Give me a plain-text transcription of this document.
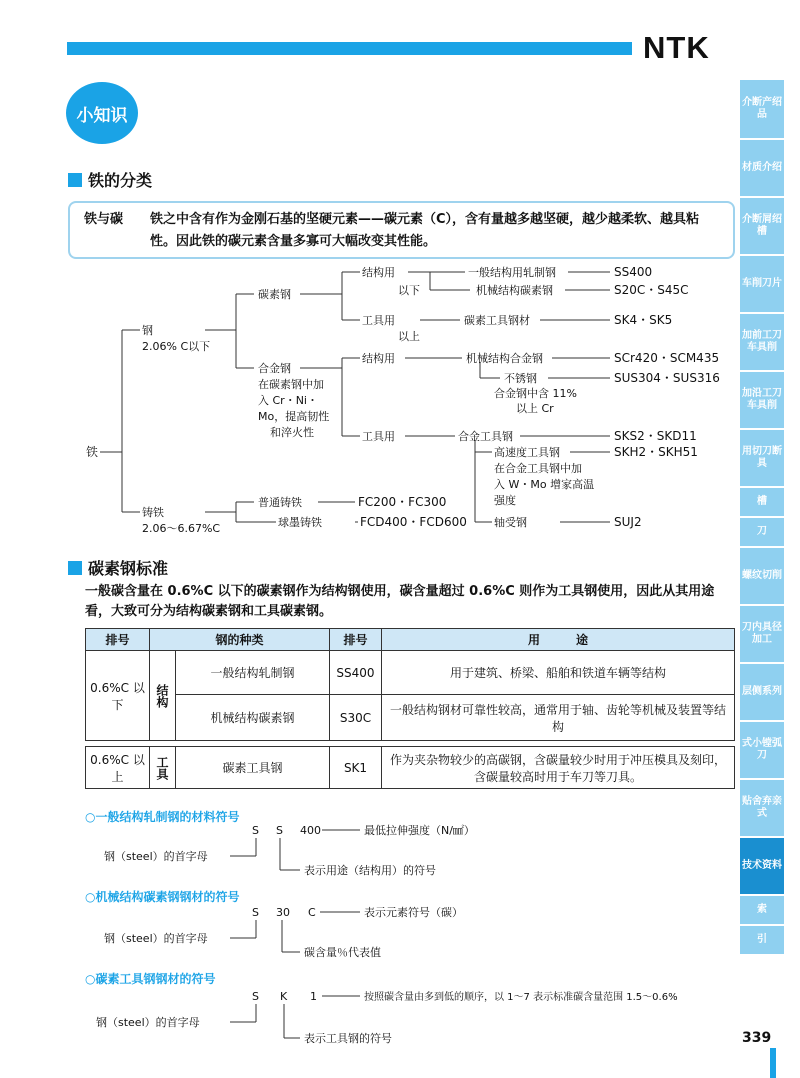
NTK
小知识
铁的分类
铁与碳 铁之中含有作为金刚石基的坚硬元素——碳元素（C），含有量越多越坚硬，越少越柔软、越具粘性。因此铁的碳元素含量多寡可大幅改变其性能。
铁
钢
2.06% C以下
碳素钢
结构用
以下
一般结构用轧制钢	SS400
机械结构碳素钢	S20C・S45C
工具用
以上
碳素工具钢材	SK4・SK5
合金钢
在碳素钢中加
入 Cr・Ni・
Mo，提高韧性
和淬火性
结构用	机械结构合金钢	SCr420・SCM435
不锈钢	SUS304・SUS316
合金钢中含 11%
以上 Cr
工具用	合金工具钢	SKS2・SKD11
高速度工具钢	SKH2・SKH51
在合金工具钢中加
入 W・Mo 增家高温
强度
轴受钢	SUJ2
铸铁
2.06～6.67%C
普通铸铁	FC200・FC300
球墨铸铁	FCD400・FCD600
碳素钢标准
一般碳含量在 0.6%C 以下的碳素钢作为结构钢使用，碳含量超过 0.6%C 则作为工具钢使用，因此从其用途看，大致可分为结构碳素钢和工具碳素钢。
排号	钢的种类		排号	用　　　途
0.6%C 以下	结构	一般结构轧制钢	SS400	用于建筑、桥梁、船舶和铁道车辆等结构
		机械结构碳素钢	S30C	一般结构钢材可靠性较高，通常用于轴、齿轮等机械及装置等结构
0.6%C 以上	工具	碳素工具钢	SK1	作为夹杂物较少的高碳钢，含碳量较少时用于冲压模具及刻印，含碳量较高时用于车刀等刀具。
○一般结构轧制钢的材料符号
○机械结构碳素钢钢材的符号
○碳素工具钢钢材的符号
S S 400	最低拉伸强度（N/㎟）
钢（steel）的首字母
表示用途（结构用）的符号
S 30 C	表示元素符号（碳）
钢（steel）的首字母
碳含量％代表值
S K 1	按照碳含量由多到低的顺序，以 1～7 表示标准碳含量范围 1.5～0.6%
钢（steel）的首字母
表示工具钢的符号
介断产绍品
材质介绍
介断屑绍槽
车削刀片
加前工刀车具削
加沿工刀车具削
用切刀断具
槽
刀
螺纹切削
刀内具径加工
层侧系列
式小镗弧刀
贴舍弃亲式
技术资料
索
引
339
